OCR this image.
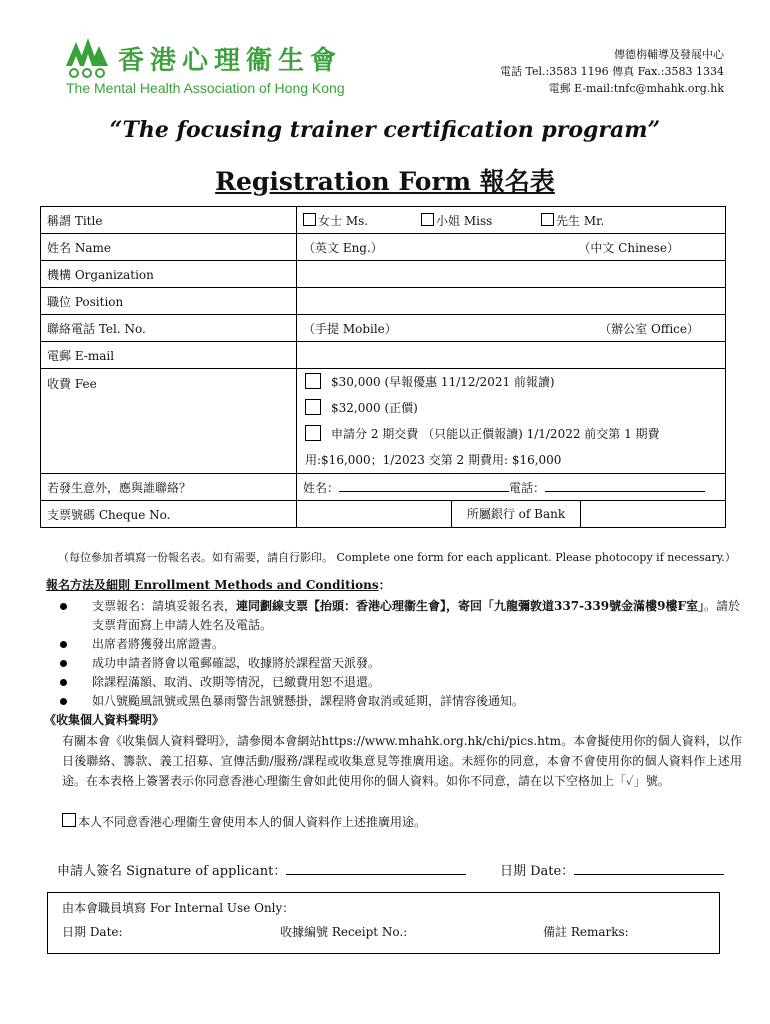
香港心理衞生會
The Mental Health Association of Hong Kong
傳德栴輔導及發展中心
電話 Tel.:3583 1196 傳真 Fax.:3583 1334
電郵 E-mail:tnfc@mhahk.org.hk
“The focusing trainer certification program”
Registration Form 報名表
稱謂 Title	女士 Ms. 小姐 Miss 先生 Mr.
姓名 Name	（英文 Eng.） （中文 Chinese）

機構 Organization	
職位 Position	
聯絡電話 Tel. No.	（手提 Mobile） （辦公室 Office）

電郵 E-mail	
收費 Fee	$30,000 (早報優惠 11/12/2021 前報讀)
$32,000 (正價)
申請分 2 期交費 （只能以正價報讀) 1/1/2022 前交第 1 期費
用:$16,000；1/2023 交第 2 期費用: $16,000

若發生意外，應與誰聯絡？	姓名： 電話：
支票號碼 Cheque No.	所屬銀行 of Bank
（每位參加者填寫一份報名表。如有需要，請自行影印。 Complete one form for each applicant. Please photocopy if necessary.）
報名方法及細則 Enrollment Methods and Conditions：
支票報名：請填妥報名表，連同劃線支票【抬頭：香港心理衞生會】，寄回「九龍彌敦道337-339號金滿樓9樓F室」。請於支票背面寫上申請人姓名及電話。
出席者將獲發出席證書。
成功申請者將會以電郵確認，收據將於課程當天派發。
除課程滿額、取消、改期等情況，已繳費用恕不退還。
如八號颱風訊號或黑色暴雨警告訊號懸掛，課程將會取消或延期，詳情容後通知。
《收集個人資料聲明》
有關本會《收集個人資料聲明》，請參閱本會網站https://www.mhahk.org.hk/chi/pics.htm。本會擬使用你的個人資料，以作日後聯絡、籌款、義工招募、宣傳活動/服務/課程或收集意見等推廣用途。未經你的同意，本會不會使用你的個人資料作上述用途。在本表格上簽署表示你同意香港心理衞生會如此使用你的個人資料。如你不同意，請在以下空格加上「✓」號。
本人不同意香港心理衞生會使用本人的個人資料作上述推廣用途。
申請人簽名 Signature of applicant：	日期 Date：
由本會職員填寫 For Internal Use Only：
日期 Date:	收據編號 Receipt No.:	備註 Remarks:
